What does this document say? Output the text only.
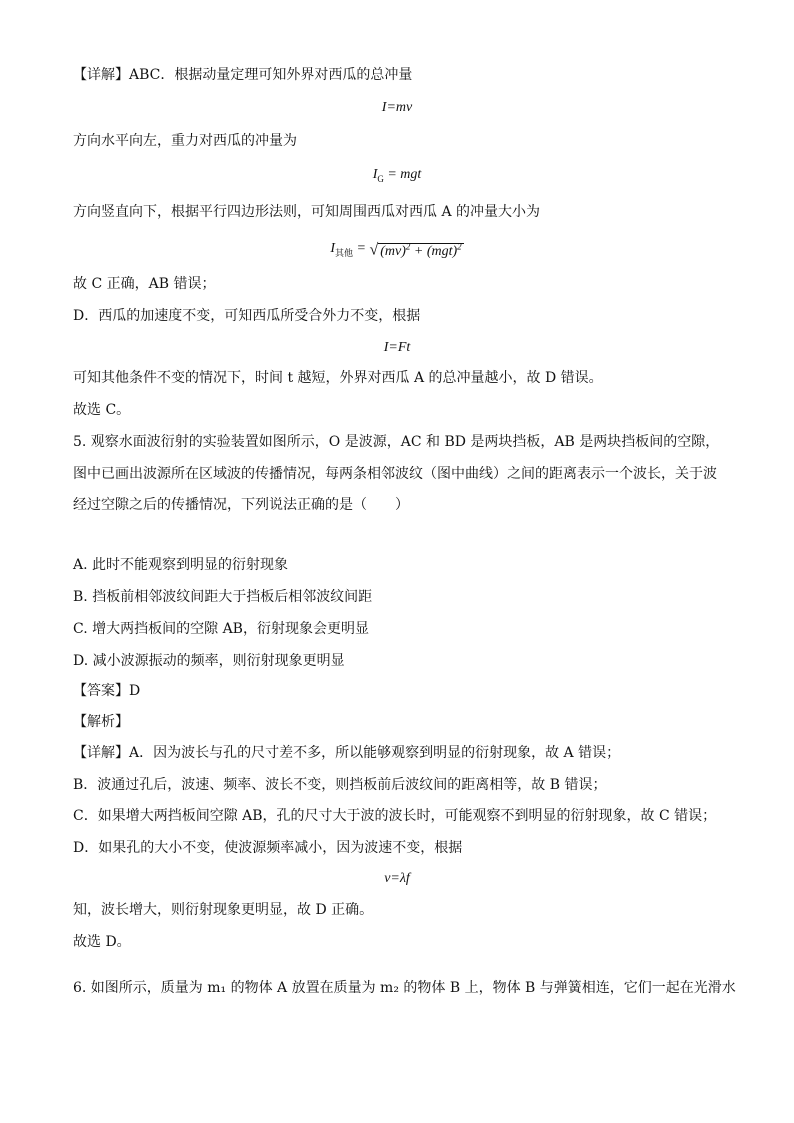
【详解】ABC．根据动量定理可知外界对西瓜的总冲量
I=mv
方向水平向左，重力对西瓜的冲量为
$I_G$ = mgt
方向竖直向下，根据平行四边形法则，可知周围西瓜对西瓜 A 的冲量大小为
$I_{其他}$ = √ (mv)$^2$ + (mgt)$^2$
故 C 正确，AB 错误；
D．西瓜的加速度不变，可知西瓜所受合外力不变，根据
I=Ft
可知其他条件不变的情况下，时间 t 越短，外界对西瓜 A 的总冲量越小，故 D 错误。
故选 C。
5. 观察水面波衍射的实验装置如图所示，O 是波源，AC 和 BD 是两块挡板，AB 是两块挡板间的空隙，
图中已画出波源所在区域波的传播情况，每两条相邻波纹（图中曲线）之间的距离表示一个波长，关于波
经过空隙之后的传播情况，下列说法正确的是（　　）
A. 此时不能观察到明显的衍射现象
B. 挡板前相邻波纹间距大于挡板后相邻波纹间距
C. 增大两挡板间的空隙 AB，衍射现象会更明显
D. 减小波源振动的频率，则衍射现象更明显
【答案】D
【解析】
【详解】A．因为波长与孔的尺寸差不多，所以能够观察到明显的衍射现象，故 A 错误；
B．波通过孔后，波速、频率、波长不变，则挡板前后波纹间的距离相等，故 B 错误；
C．如果增大两挡板间空隙 AB，孔的尺寸大于波的波长时，可能观察不到明显的衍射现象，故 C 错误；
D．如果孔的大小不变，使波源频率减小，因为波速不变，根据
v=λf
知，波长增大，则衍射现象更明显，故 D 正确。
故选 D。
6. 如图所示，质量为 m₁ 的物体 A 放置在质量为 m₂ 的物体 B 上，物体 B 与弹簧相连，它们一起在光滑水
